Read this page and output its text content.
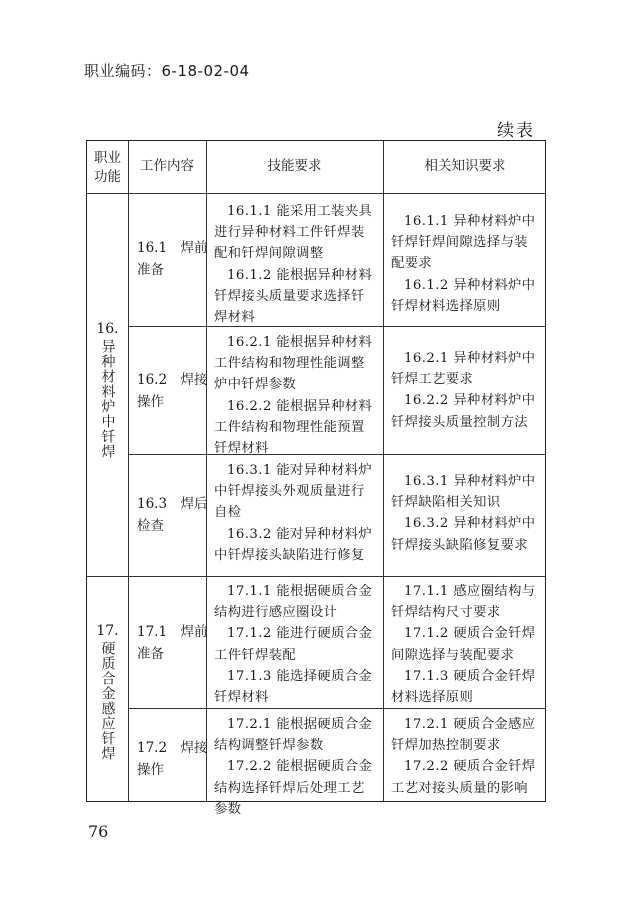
职业编码：6-18-02-04
续表
职业
功能
工作内容	技能要求	相关知识要求
16.
异种材料炉中钎焊
17.
硬质合金感应钎焊
16.1　焊前准备

16.1.1 能采用工装夹具进行异种材料工件钎焊装配和钎焊间隙调整

16.1.2 能根据异种材料钎焊接头质量要求选择钎焊材料

16.1.1 异种材料炉中钎焊钎焊间隙选择与装配要求

16.1.2 异种材料炉中钎焊材料选择原则

16.2　焊接操作

16.2.1 能根据异种材料工件结构和物理性能调整炉中钎焊参数

16.2.2 能根据异种材料工件结构和物理性能预置钎焊材料

16.2.1 异种材料炉中钎焊工艺要求

16.2.2 异种材料炉中钎焊接头质量控制方法

16.3　焊后检查

16.3.1 能对异种材料炉中钎焊接头外观质量进行自检

16.3.2 能对异种材料炉中钎焊接头缺陷进行修复

16.3.1 异种材料炉中钎焊缺陷相关知识

16.3.2 异种材料炉中钎焊接头缺陷修复要求

17.1　焊前准备

17.1.1 能根据硬质合金结构进行感应圈设计

17.1.2 能进行硬质合金工件钎焊装配

17.1.3 能选择硬质合金钎焊材料

17.1.1 感应圈结构与钎焊结构尺寸要求

17.1.2 硬质合金钎焊间隙选择与装配要求

17.1.3 硬质合金钎焊材料选择原则

17.2　焊接操作

17.2.1 能根据硬质合金结构调整钎焊参数

17.2.2 能根据硬质合金结构选择钎焊后处理工艺参数

17.2.1 硬质合金感应钎焊加热控制要求

17.2.2 硬质合金钎焊工艺对接头质量的影响

76
